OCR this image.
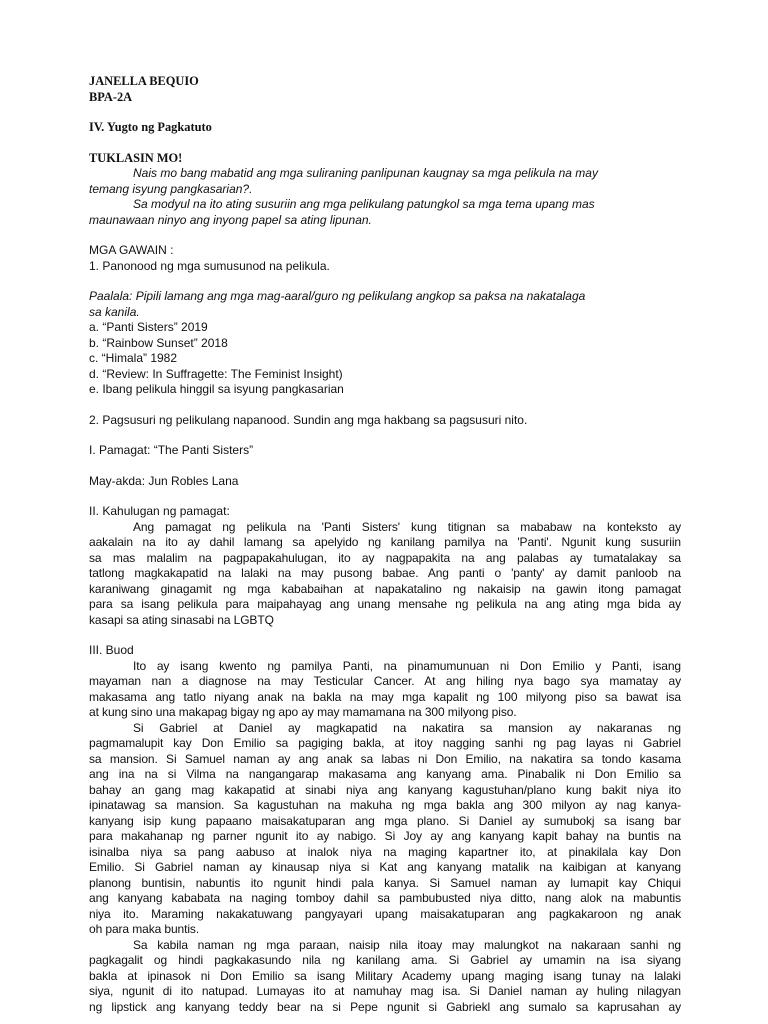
JANELLA BEQUIO
BPA-2A
IV. Yugto ng Pagkatuto
TUKLASIN MO!
Nais mo bang mabatid ang mga suliraning panlipunan kaugnay sa mga pelikula na may
temang isyung pangkasarian?.
Sa modyul na ito ating susuriin ang mga pelikulang patungkol sa mga tema upang mas
maunawaan ninyo ang inyong papel sa ating lipunan.
MGA GAWAIN :
1. Panonood ng mga sumusunod na pelikula.
Paalala: Pipili lamang ang mga mag-aaral/guro ng pelikulang angkop sa paksa na nakatalaga
sa kanila.
a. “Panti Sisters” 2019
b. “Rainbow Sunset” 2018
c. “Himala” 1982
d. “Review: In Suffragette: The Feminist Insight)
e. Ibang pelikula hinggil sa isyung pangkasarian
2. Pagsusuri ng pelikulang napanood. Sundin ang mga hakbang sa pagsusuri nito.
I. Pamagat: “The Panti Sisters”
May-akda: Jun Robles Lana
II. Kahulugan ng pamagat:
Ang pamagat ng pelikula na 'Panti Sisters' kung titignan sa mababaw na konteksto ay
aakalain na ito ay dahil lamang sa apelyido ng kanilang pamilya na 'Panti'. Ngunit kung susuriin
sa mas malalim na pagpapakahulugan, ito ay nagpapakita na ang palabas ay tumatalakay sa
tatlong magkakapatid na lalaki na may pusong babae. Ang panti o 'panty' ay damit panloob na
karaniwang ginagamit ng mga kababaihan at napakatalino ng nakaisip na gawin itong pamagat
para sa isang pelikula para maipahayag ang unang mensahe ng pelikula na ang ating mga bida ay
kasapi sa ating sinasabi na LGBTQ
III. Buod
Ito ay isang kwento ng pamilya Panti, na pinamumunuan ni Don Emilio y Panti, isang
mayaman nan a diagnose na may Testicular Cancer. At ang hiling nya bago sya mamatay ay
makasama ang tatlo niyang anak na bakla na may mga kapalit ng 100 milyong piso sa bawat isa
at kung sino una makapag bigay ng apo ay may mamamana na 300 milyong piso.
Si Gabriel at Daniel ay magkapatid na nakatira sa mansion ay nakaranas ng
pagmamalupit kay Don Emilio sa pagiging bakla, at itoy nagging sanhi ng pag layas ni Gabriel
sa mansion. Si Samuel naman ay ang anak sa labas ni Don Emilio, na nakatira sa tondo kasama
ang ina na si Vilma na nangangarap makasama ang kanyang ama. Pinabalik ni Don Emilio sa
bahay an gang mag kakapatid at sinabi niya ang kanyang kagustuhan/plano kung bakit niya ito
ipinatawag sa mansion. Sa kagustuhan na makuha ng mga bakla ang 300 milyon ay nag kanya-
kanyang isip kung papaano maisakatuparan ang mga plano. Si Daniel ay sumubokj sa isang bar
para makahanap ng parner ngunit ito ay nabigo. Si Joy ay ang kanyang kapit bahay na buntis na
isinalba niya sa pang aabuso at inalok niya na maging kapartner ito, at pinakilala kay Don
Emilio. Si Gabriel naman ay kinausap niya si Kat ang kanyang matalik na kaibigan at kanyang
planong buntisin, nabuntis ito ngunit hindi pala kanya. Si Samuel naman ay lumapit kay Chiqui
ang kanyang kababata na naging tomboy dahil sa pambubusted niya ditto, nang alok na mabuntis
niya ito. Maraming nakakatuwang pangyayari upang maisakatuparan ang pagkakaroon ng anak
oh para maka buntis.
Sa kabila naman ng mga paraan, naisip nila itoay may malungkot na nakaraan sanhi ng
pagkagalit og hindi pagkakasundo nila ng kanilang ama. Si Gabriel ay umamin na isa siyang
bakla at ipinasok ni Don Emilio sa isang Military Academy upang maging isang tunay na lalaki
siya, ngunit di ito natupad. Lumayas ito at namuhay mag isa. Si Daniel naman ay huling nilagyan
ng lipstick ang kanyang teddy bear na si Pepe ngunit si Gabriekl ang sumalo sa kaprusahan ay
